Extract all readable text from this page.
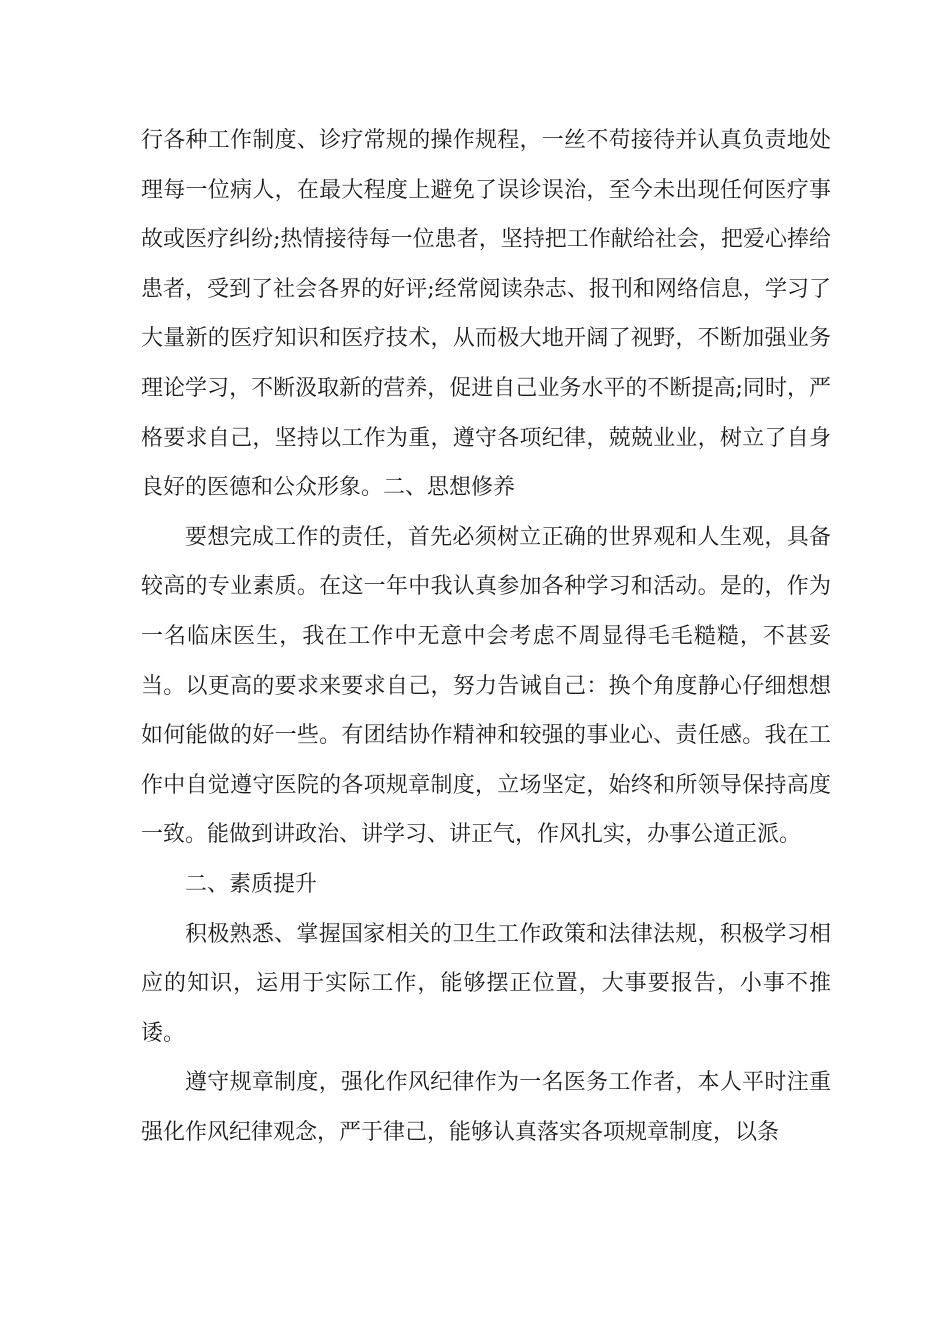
行各种工作制度、诊疗常规的操作规程，一丝不苟接待并认真负责地处理每一位病人，在最大程度上避免了误诊误治，至今未出现任何医疗事故或医疗纠纷;热情接待每一位患者，坚持把工作献给社会，把爱心捧给患者，受到了社会各界的好评;经常阅读杂志、报刊和网络信息，学习了大量新的医疗知识和医疗技术，从而极大地开阔了视野，不断加强业务理论学习，不断汲取新的营养，促进自己业务水平的不断提高;同时，严格要求自己，坚持以工作为重，遵守各项纪律，兢兢业业，树立了自身良好的医德和公众形象。二、思想修养

要想完成工作的责任，首先必须树立正确的世界观和人生观，具备较高的专业素质。在这一年中我认真参加各种学习和活动。是的，作为一名临床医生，我在工作中无意中会考虑不周显得毛毛糙糙，不甚妥当。以更高的要求来要求自己，努力告诫自己：换个角度静心仔细想想如何能做的好一些。有团结协作精神和较强的事业心、责任感。我在工作中自觉遵守医院的各项规章制度，立场坚定，始终和所领导保持高度一致。能做到讲政治、讲学习、讲正气，作风扎实，办事公道正派。

二、素质提升

积极熟悉、掌握国家相关的卫生工作政策和法律法规，积极学习相应的知识，运用于实际工作，能够摆正位置，大事要报告，小事不推诿。

遵守规章制度，强化作风纪律作为一名医务工作者，本人平时注重强化作风纪律观念，严于律己，能够认真落实各项规章制度，以条
